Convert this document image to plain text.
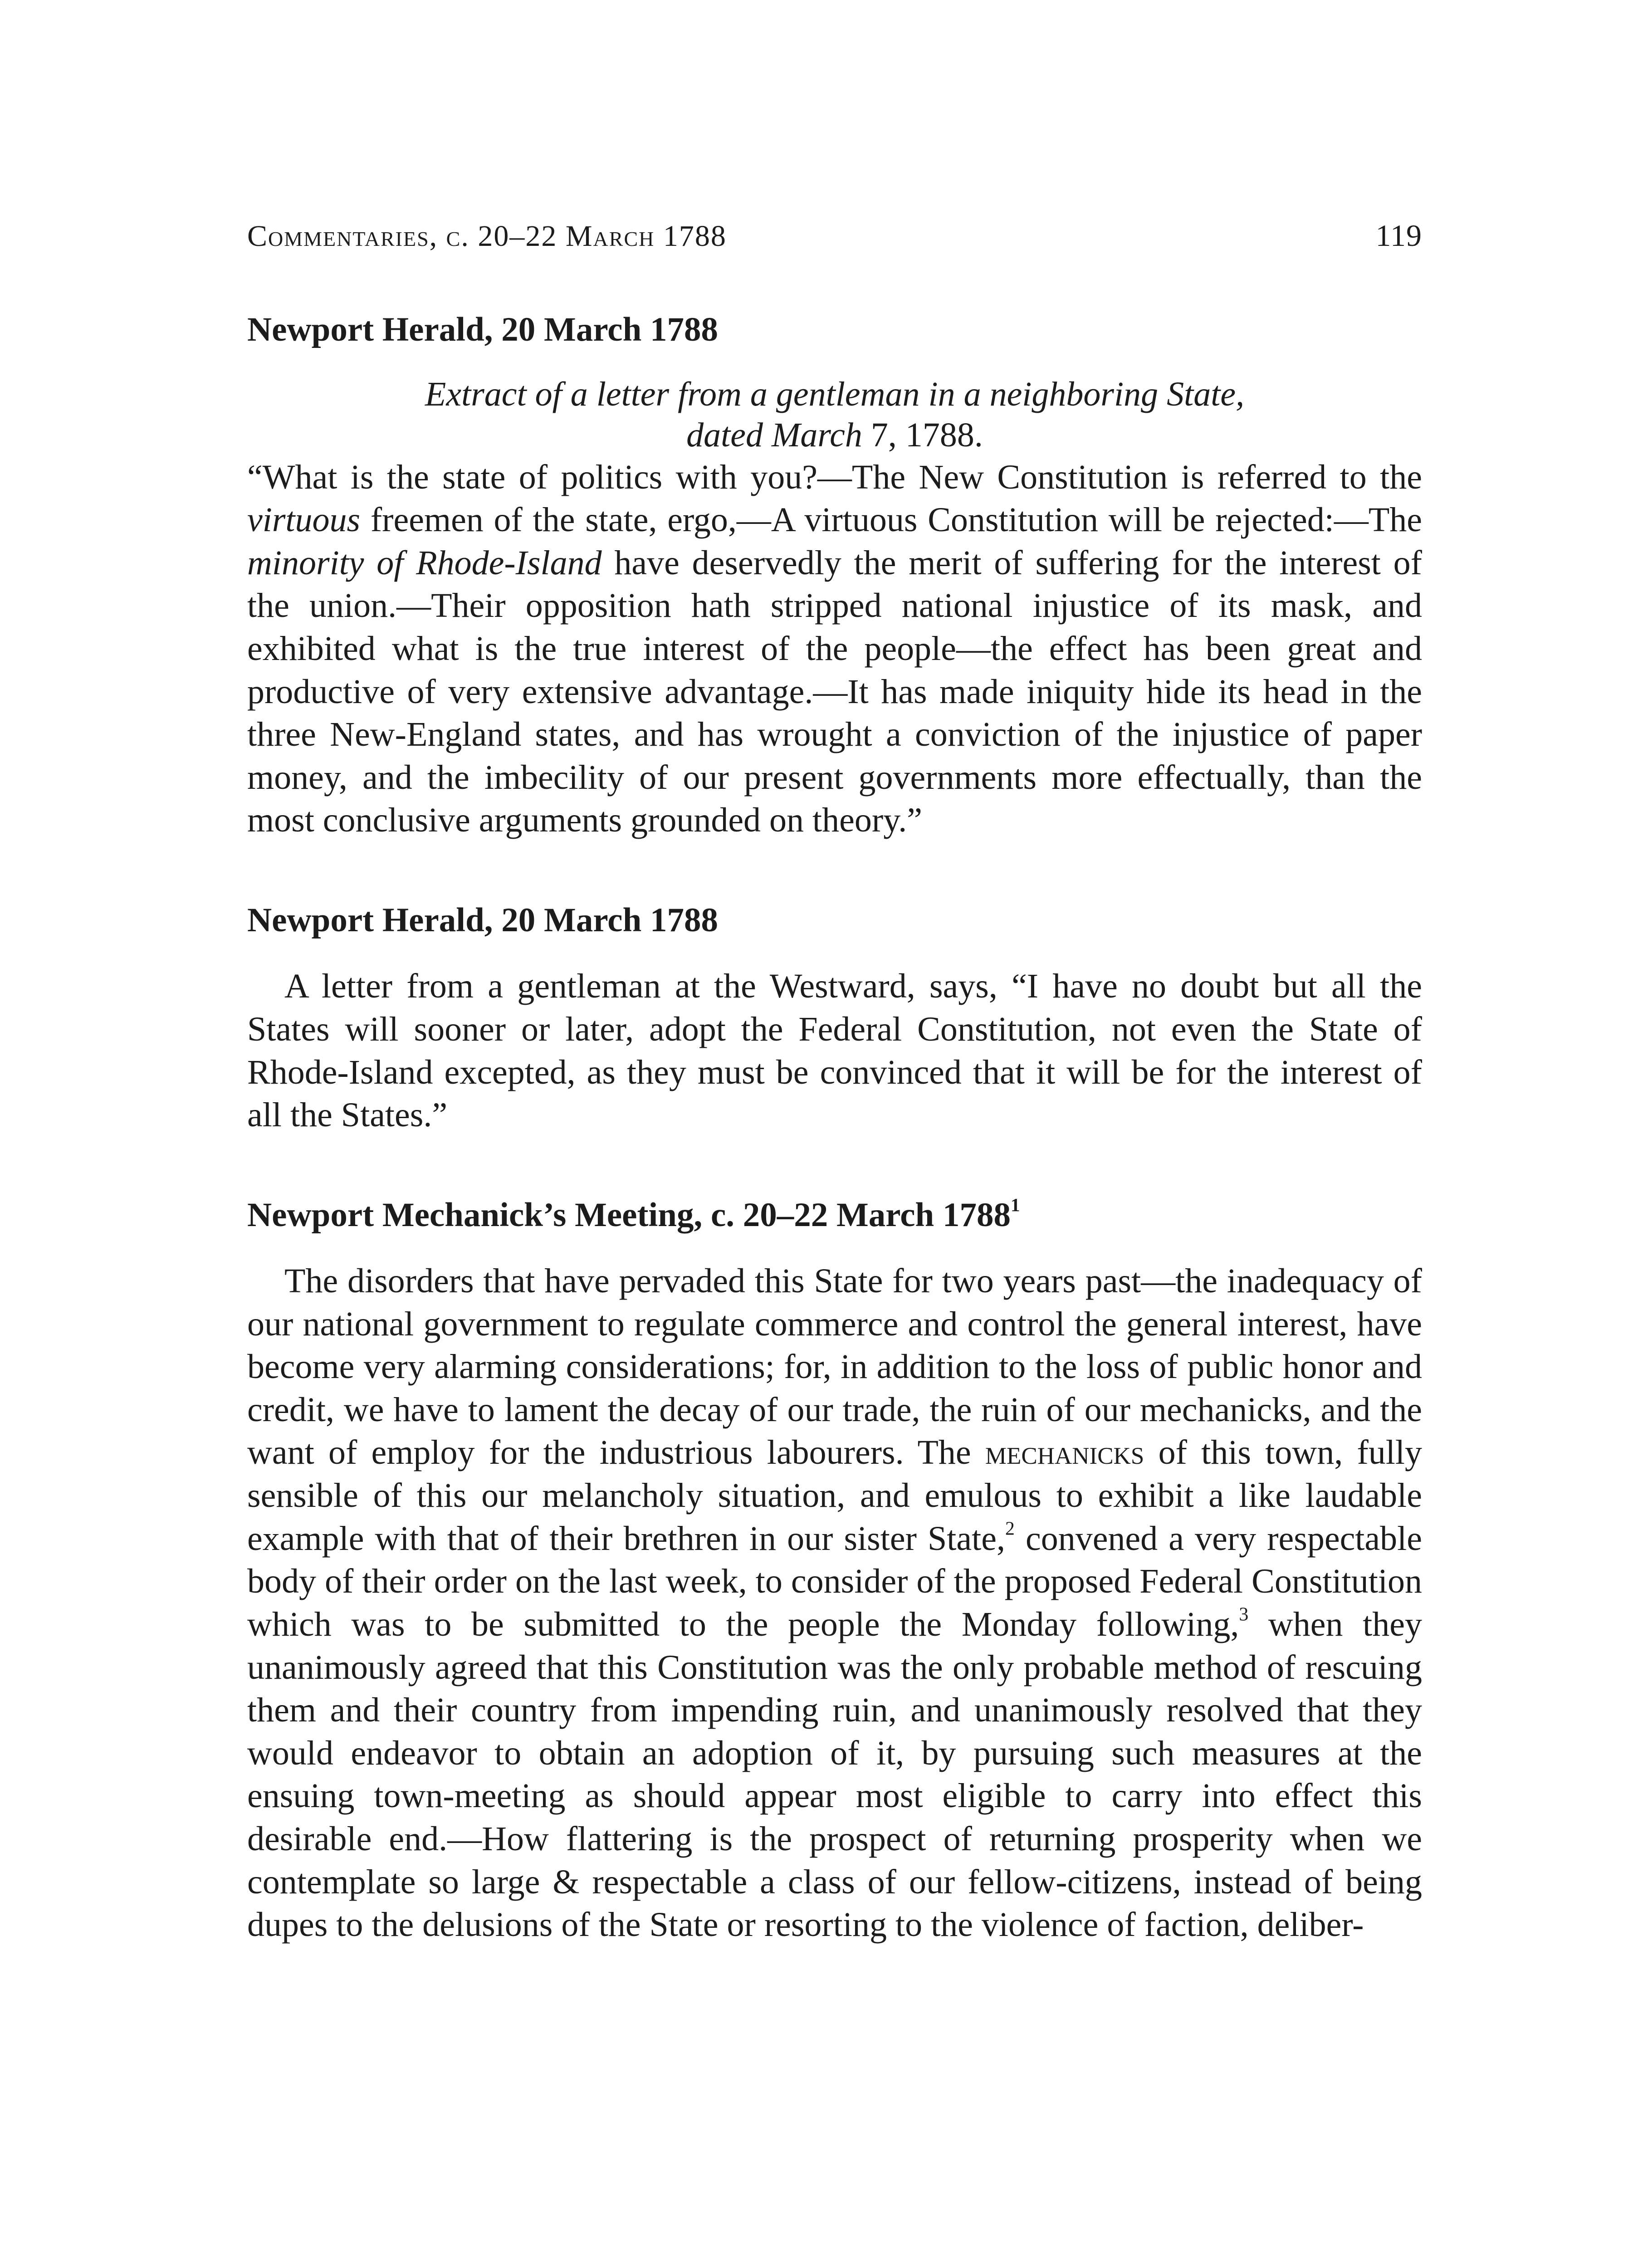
Commentaries, c. 20–22 March 1788	119
Newport Herald, 20 March 1788
Extract of a letter from a gentleman in a neighboring State,
dated March 7, 1788.

“What is the state of politics with you?—The New Constitution is referred to the virtuous freemen of the state, ergo,—A virtuous Constitution will be rejected:—The minority of Rhode-Island have deservedly the merit of suffering for the interest of the union.—Their opposition hath stripped national injustice of its mask, and exhibited what is the true interest of the people—the effect has been great and productive of very extensive advantage.—It has made iniquity hide its head in the three New-England states, and has wrought a conviction of the injustice of paper money, and the imbecility of our present governments more effectually, than the most conclusive arguments grounded on theory.”

Newport Herald, 20 March 1788

A letter from a gentleman at the Westward, says, “I have no doubt but all the States will sooner or later, adopt the Federal Constitution, not even the State of Rhode-Island excepted, as they must be convinced that it will be for the interest of all the States.”

Newport Mechanick’s Meeting, c. 20–22 March 1788$^1$

The disorders that have pervaded this State for two years past—the inadequacy of our national government to regulate commerce and control the general interest, have become very alarming considerations; for, in addition to the loss of public honor and credit, we have to lament the decay of our trade, the ruin of our mechanicks, and the want of employ for the industrious labourers. The mechanicks of this town, fully sensible of this our melancholy situation, and emulous to exhibit a like laudable example with that of their brethren in our sister State,$^2$ convened a very respectable body of their order on the last week, to consider of the proposed Federal Constitution which was to be submitted to the people the Monday following,$^3$ when they unanimously agreed that this Constitution was the only probable method of rescuing them and their country from impending ruin, and unanimously resolved that they would endeavor to obtain an adoption of it, by pursuing such measures at the ensuing town-meeting as should appear most eligible to carry into effect this desirable end.—How flattering is the prospect of returning prosperity when we contemplate so large & respectable a class of our fellow-citizens, instead of being dupes to the delusions of the State or resorting to the violence of faction, deliber-
